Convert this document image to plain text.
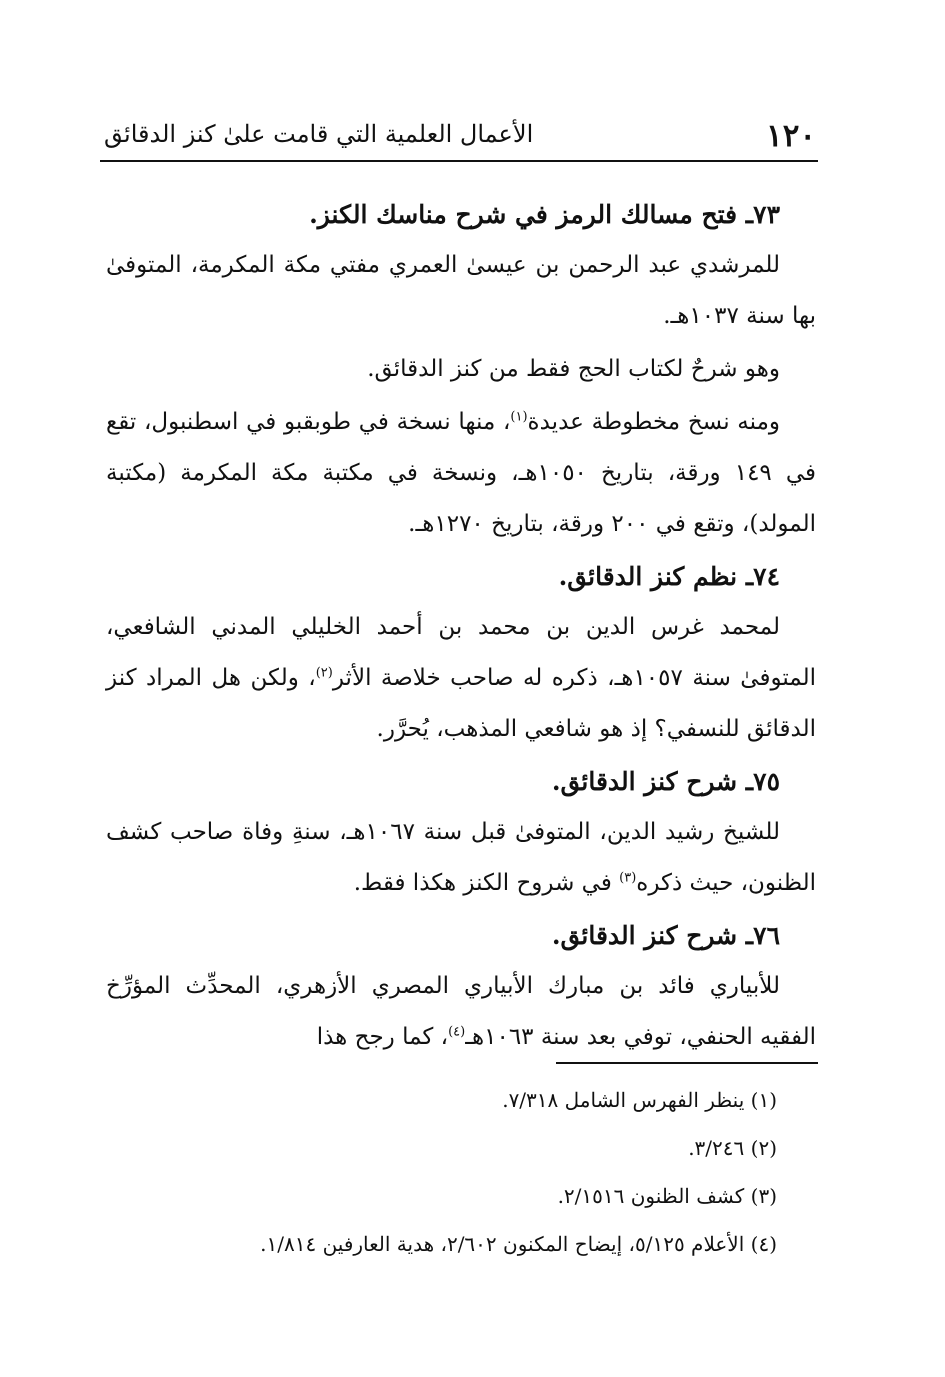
١٢٠
الأعمال العلمية التي قامت علىٰ كنز الدقائق
٧٣ـ فتح مسالك الرمز في شرح مناسك الكنز.

للمرشدي عبد الرحمن بن عيسىٰ العمري مفتي مكة المكرمة، المتوفىٰ بها سنة ١٠٣٧هـ.

وهو شرحٌ لكتاب الحج فقط من كنز الدقائق.

ومنه نسخ مخطوطة عديدة$^{(١)}$، منها نسخة في طوبقبو في اسطنبول، تقع في ١٤٩ ورقة، بتاريخ ١٠٥٠هـ، ونسخة في مكتبة مكة المكرمة (مكتبة المولد)، وتقع في ٢٠٠ ورقة، بتاريخ ١٢٧٠هـ.

٧٤ـ نظم كنز الدقائق.

لمحمد غرس الدين بن محمد بن أحمد الخليلي المدني الشافعي، المتوفىٰ سنة ١٠٥٧هـ، ذكره له صاحب خلاصة الأثر$^{(٢)}$، ولكن هل المراد كنز الدقائق للنسفي؟ إذ هو شافعي المذهب، يُحرَّر.

٧٥ـ شرح كنز الدقائق.

للشيخ رشيد الدين، المتوفىٰ قبل سنة ١٠٦٧هـ، سنةِ وفاة صاحب كشف الظنون، حيث ذكره$^{(٣)}$ في شروح الكنز هكذا فقط.

٧٦ـ شرح كنز الدقائق.

للأبياري فائد بن مبارك الأبياري المصري الأزهري، المحدِّث المؤرِّخ الفقيه الحنفي، توفي بعد سنة ١٠٦٣هـ$^{(٤)}$، كما رجح هذا

(١) ينظر الفهرس الشامل ٧/٣١٨.
(٢) ٣/٢٤٦.
(٣) كشف الظنون ٢/١٥١٦.
(٤) الأعلام ٥/١٢٥، إيضاح المكنون ٢/٦٠٢، هدية العارفين ١/٨١٤.
